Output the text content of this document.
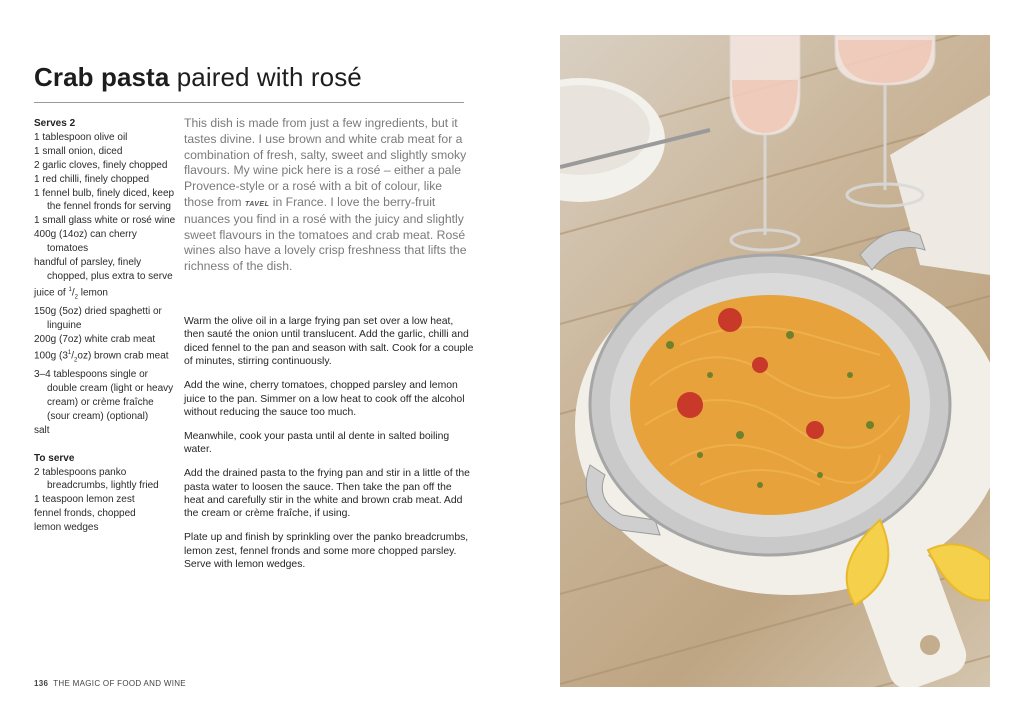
Crab pasta paired with rosé
Serves 2
1 tablespoon olive oil
1 small onion, diced
2 garlic cloves, finely chopped
1 red chilli, finely chopped
1 fennel bulb, finely diced, keep the fennel fronds for serving
1 small glass white or rosé wine
400g (14oz) can cherry tomatoes
handful of parsley, finely chopped, plus extra to serve
juice of $^1/_2$ lemon
150g (5oz) dried spaghetti or linguine
200g (7oz) white crab meat
100g $(3^1/_2oz)$ brown crab meat
3–4 tablespoons single or double cream (light or heavy cream) or crème fraîche (sour cream) (optional)
salt
To serve
2 tablespoons panko breadcrumbs, lightly fried
1 teaspoon lemon zest
fennel fronds, chopped
lemon wedges
This dish is made from just a few ingredients, but it tastes divine. I use brown and white crab meat for a combination of fresh, salty, sweet and slightly smoky flavours. My wine pick here is a rosé – either a pale Provence-style or a rosé with a bit of colour, like those from tavel in France. I love the berry-fruit nuances you find in a rosé with the juicy and slightly sweet flavours in the tomatoes and crab meat. Rosé wines also have a lovely crisp freshness that lifts the richness of the dish.

Warm the olive oil in a large frying pan set over a low heat, then sauté the onion until translucent. Add the garlic, chilli and diced fennel to the pan and season with salt. Cook for a couple of minutes, stirring continuously.

Add the wine, cherry tomatoes, chopped parsley and lemon juice to the pan. Simmer on a low heat to cook off the alcohol without reducing the sauce too much.

Meanwhile, cook your pasta until al dente in salted boiling water.

Add the drained pasta to the frying pan and stir in a little of the pasta water to loosen the sauce. Then take the pan off the heat and carefully stir in the white and brown crab meat. Add the cream or crème fraîche, if using.

Plate up and finish by sprinkling over the panko breadcrumbs, lemon zest, fennel fronds and some more chopped parsley. Serve with lemon wedges.

136 THE MAGIC OF FOOD AND WINE
